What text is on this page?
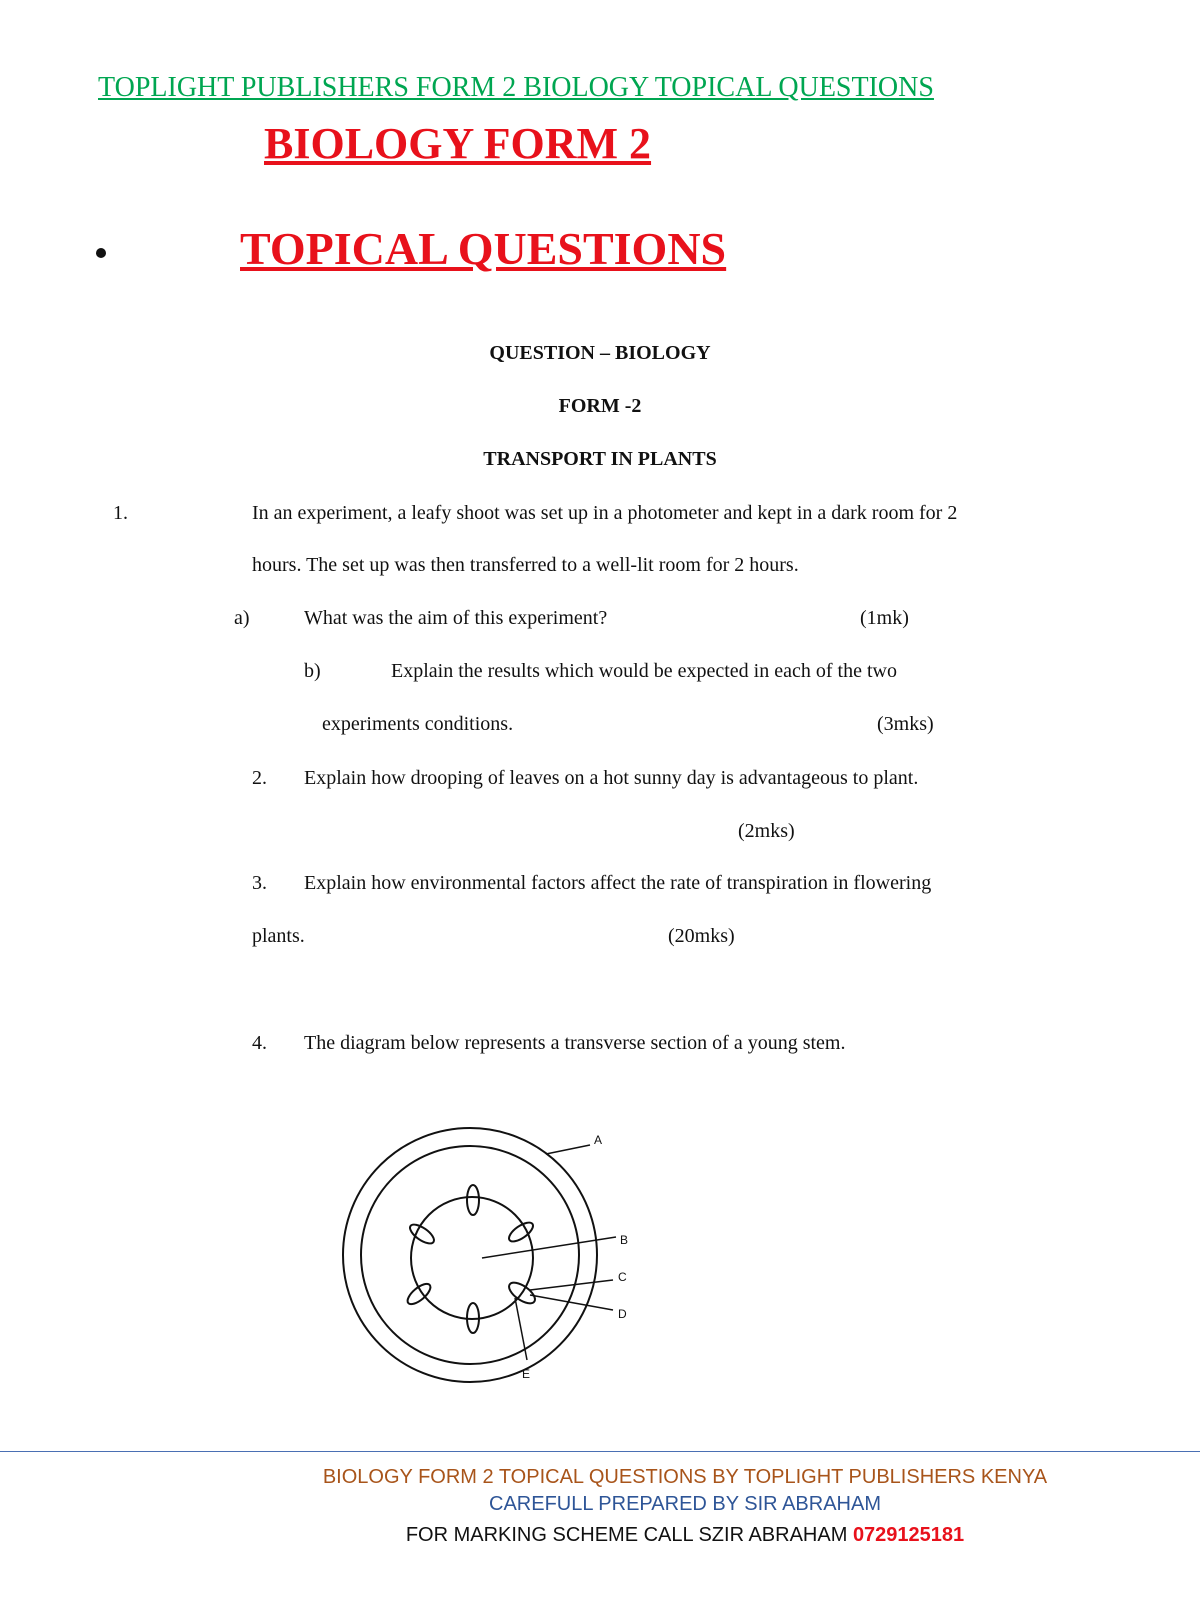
TOPLIGHT PUBLISHERS FORM 2 BIOLOGY TOPICAL QUESTIONS
BIOLOGY FORM 2
TOPICAL QUESTIONS
QUESTION – BIOLOGY
FORM -2
TRANSPORT IN PLANTS
1.	In an experiment, a leafy shoot was set up in a photometer and kept in a dark room for 2
hours. The set up was then transferred to a well-lit room for 2 hours.
a)	What was the aim of this experiment?	(1mk)
b)	Explain the results which would be expected in each of the two
experiments conditions.	(3mks)
2. Explain how drooping of leaves on a hot sunny day is advantageous to plant.
(2mks)
3. Explain how environmental factors affect the rate of transpiration in flowering
plants.	(20mks)
4. The diagram below represents a transverse section of a young stem.
A
B
C
D
E
BIOLOGY FORM 2 TOPICAL QUESTIONS BY TOPLIGHT PUBLISHERS KENYA
CAREFULL PREPARED BY SIR ABRAHAM
FOR MARKING SCHEME CALL SZIR ABRAHAM 0729125181
